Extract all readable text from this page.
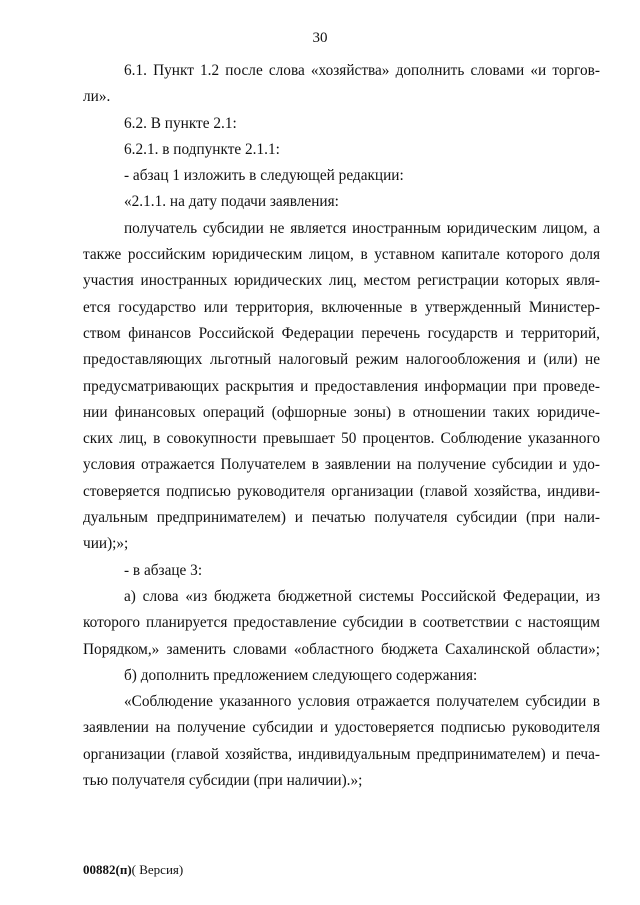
30

6.1. Пункт 1.2 после слова «хозяйства» дополнить словами «и торгов-

ли».

6.2. В пункте 2.1:

6.2.1. в подпункте 2.1.1:

- абзац 1 изложить в следующей редакции:

«2.1.1. на дату подачи заявления:

получатель субсидии не является иностранным юридическим лицом, а

также российским юридическим лицом, в уставном капитале которого доля

участия иностранных юридических лиц, местом регистрации которых явля-

ется государство или территория, включенные в утвержденный Министер-

ством финансов Российской Федерации перечень государств и территорий,

предоставляющих льготный налоговый режим налогообложения и (или) не

предусматривающих раскрытия и предоставления информации при проведе-

нии финансовых операций (офшорные зоны) в отношении таких юридиче-

ских лиц, в совокупности превышает 50 процентов. Соблюдение указанного

условия отражается Получателем в заявлении на получение субсидии и удо-

стоверяется подписью руководителя организации (главой хозяйства, индиви-

дуальным предпринимателем) и печатью получателя субсидии (при нали-

чии);»;

- в абзаце 3:

а) слова «из бюджета бюджетной системы Российской Федерации, из

которого планируется предоставление субсидии в соответствии с настоящим

Порядком,» заменить словами «областного бюджета Сахалинской области»;

б) дополнить предложением следующего содержания:

«Соблюдение указанного условия отражается получателем субсидии в

заявлении на получение субсидии и удостоверяется подписью руководителя

организации (главой хозяйства, индивидуальным предпринимателем) и печа-

тью получателя субсидии (при наличии).»;

00882(п)( Версия)
